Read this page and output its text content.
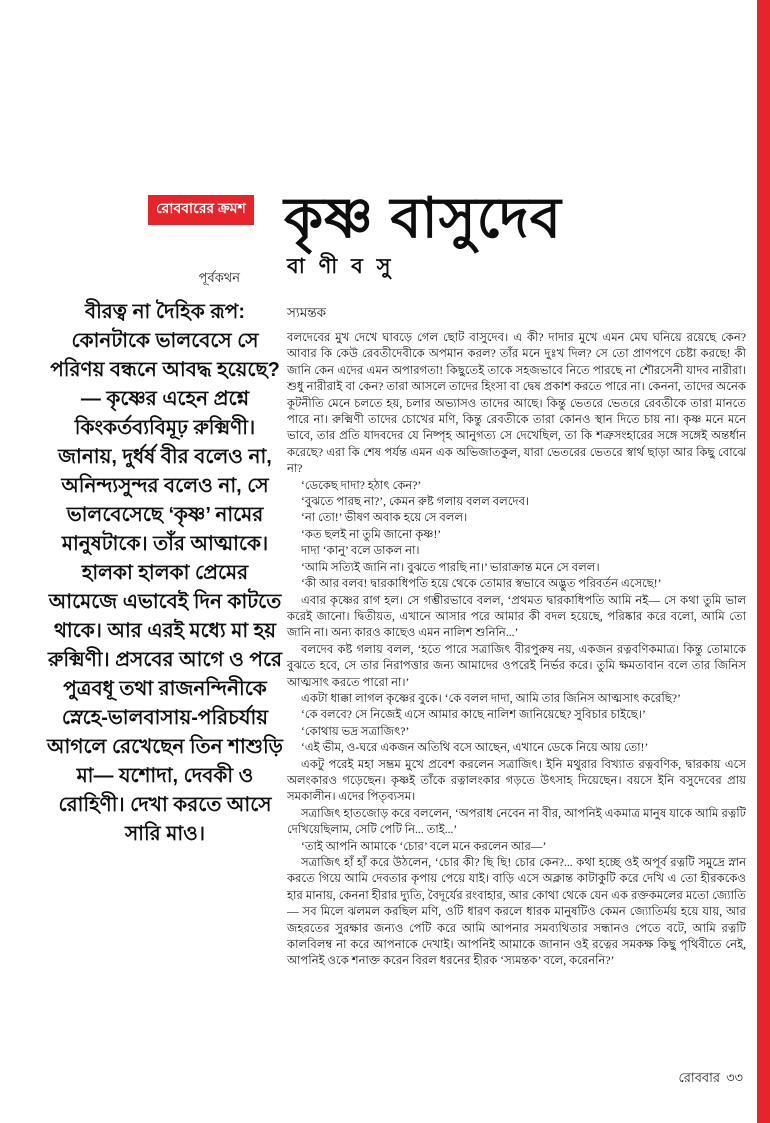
রোববারের ক্রমশ কৃষ্ণ বাসুদেব
পূর্বকথন বা ণী ব সু
স্যমন্তক
বীরত্ব না দৈহিক রূপ: কোনটাকে ভালবেসে সে পরিণয় বন্ধনে আবদ্ধ হয়েছে?— কৃষ্ণের এহেন প্রশ্নে কিংকর্তব্যবিমূঢ় রুক্মিণী। জানায়, দুর্ধর্ষ বীর বলেও না, অনিন্দ্যসুন্দর বলেও না, সে ভালবেসেছে ‘কৃষ্ণ’ নামের মানুষটাকে। তাঁর আত্মাকে। হালকা হালকা প্রেমের আমেজে এভাবেই দিন কাটতে থাকে। আর এরই মধ্যে মা হয় রুক্মিণী। প্রসবের আগে ও পরে পুত্রবধূ তথা রাজনন্দিনীকে স্নেহে-ভালবাসায়-পরিচর্যায় আগলে রেখেছেন তিন শাশুড়ি মা— যশোদা, দেবকী ও রোহিণী। দেখা করতে আসে সারি মাও।

বলদেবের মুখ দেখে ঘাবড়ে গেল ছোট বাসুদেব। এ কী? দাদার মুখে এমন মেঘ ঘনিয়ে রয়েছে কেন? আবার কি কেউ রেবতীদেবীকে অপমান করল? তাঁর মনে দুঃখ দিল? সে তো প্রাণপণে চেষ্টা করছে! কী জানি কেন এদের এমন অপারগতা! কিছুতেই তাকে সহজভাবে নিতে পারছে না শৌরসেনী যাদব নারীরা। শুধু নারীরাই বা কেন? তারা আসলে তাদের হিংসা বা দ্বেষ প্রকাশ করতে পারে না। কেননা, তাদের অনেক কূটনীতি মেনে চলতে হয়, চলার অভ্যাসও তাদের আছে। কিন্তু ভেতরে ভেতরে রেবতীকে তারা মানতে পারে না। রুক্মিণী তাদের চোখের মণি, কিন্তু রেবতীকে তারা কোনও স্থান দিতে চায় না। কৃষ্ণ মনে মনে ভাবে, তার প্রতি যাদবদের যে নিষ্পৃহ আনুগত্য সে দেখেছিল, তা কি শত্রুসংহারের সঙ্গে সঙ্গেই অন্তর্ধান করেছে? এরা কি শেষ পর্যন্ত এমন এক অভিজাতকুল, যারা ভেতরের ভেতরে স্বার্থ ছাড়া আর কিছু বোঝে না?

‘ডেকেছ দাদা? হঠাৎ কেন?’

‘বুঝতে পারছ না?’, কেমন রুষ্ট গলায় বলল বলদেব।

‘না তো!’ ভীষণ অবাক হয়ে সে বলল।

‘কত ছলই না তুমি জানো কৃষ্ণ!’

দাদা ‘কানু’ বলে ডাকল না।

‘আমি সত্যিই জানি না। বুঝতে পারছি না।’ ভারাক্রান্ত মনে সে বলল।

‘কী আর বলব! দ্বারকাধিপতি হয়ে থেকে তোমার স্বভাবে অদ্ভুত পরিবর্তন এসেছে!’

এবার কৃষ্ণের রাগ হল। সে গম্ভীরভাবে বলল, ‘প্রথমত দ্বারকাধিপতি আমি নই— সে কথা তুমি ভাল করেই জানো। দ্বিতীয়ত, এখানে আসার পরে আমার কী বদল হয়েছে, পরিষ্কার করে বলো, আমি তো জানি না। অন্য কারও কাছেও এমন নালিশ শুনিনি...’

বলদেব কষ্ট গলায় বলল, ‘হতে পারে সত্রাজিৎ বীরপুরুষ নয়, একজন রত্নবণিকমাত্র। কিন্তু তোমাকে বুঝতে হবে, সে তার নিরাপত্তার জন্য আমাদের ওপরেই নির্ভর করে। তুমি ক্ষমতাবান বলে তার জিনিস আত্মসাৎ করতে পারো না।’

একটা ধাক্কা লাগল কৃষ্ণের বুকে। ‘কে বলল দাদা, আমি তার জিনিস আত্মসাৎ করেছি?’

‘কে বলবে? সে নিজেই এসে আমার কাছে নালিশ জানিয়েছে? সুবিচার চাইছে।’

‘কোথায় ভদ্র সত্রাজিৎ?’

‘এই ভীম, ও-ঘরে একজন অতিথি বসে আছেন, এখানে ডেকে নিয়ে আয় তো!’

একটু পরেই মহা সম্ভ্রম মুখে প্রবেশ করলেন সত্রাজিৎ। ইনি মথুরার বিখ্যাত রত্নবণিক, দ্বারকায় এসে অলংকারও গড়েছেন। কৃষ্ণই তাঁকে রত্নালংকার গড়তে উৎসাহ দিয়েছেন। বয়সে ইনি বসুদেবের প্রায় সমকালীন। এদের পিতৃব্যসম।

সত্রাজিৎ হাতজোড় করে বললেন, ‘অপরাধ নেবেন না বীর, আপনিই একমাত্র মানুষ যাকে আমি রত্নটি দেখিয়েছিলাম, সেটি পেটি নি... তাই...’

‘তাই আপনি আমাকে ‘চোর’ বলে মনে করলেন আর—’

সত্রাজিৎ হাঁ হাঁ করে উঠলেন, ‘চোর কী? ছি ছি! চোর কেন?... কথা হচ্ছে ওই অপূর্ব রত্নটি সমুদ্রে স্নান করতে গিয়ে আমি দেবতার কৃপায় পেয়ে যাই। বাড়ি এসে অক্লান্ত কাটাকুটি করে দেখি এ তো হীরককেও হার মানায়, কেননা হীরার দ্যুতি, বৈদূর্যের রংবাহার, আর কোথা থেকে যেন এক রক্তকমলের মতো জ্যোতি— সব মিলে ঝলমল করছিল মণি, ওটি ধারণ করলে ধারক মানুষটিও কেমন জ্যোতির্ময় হয়ে যায়, আর জহরতের সুরক্ষার জন্যও পেটি করে আমি আপনার সমব্যথিতার সন্ধানও পেতে বটে, আমি রত্নটি কালবিলম্ব না করে আপনাকে দেখাই। আপনিই আমাকে জানান ওই রত্নের সমকক্ষ কিছু পৃথিবীতে নেই, আপনিই ওকে শনাক্ত করেন বিরল ধরনের হীরক ‘স্যমন্তক’ বলে, করেননি?’

রোববার ৩৩
